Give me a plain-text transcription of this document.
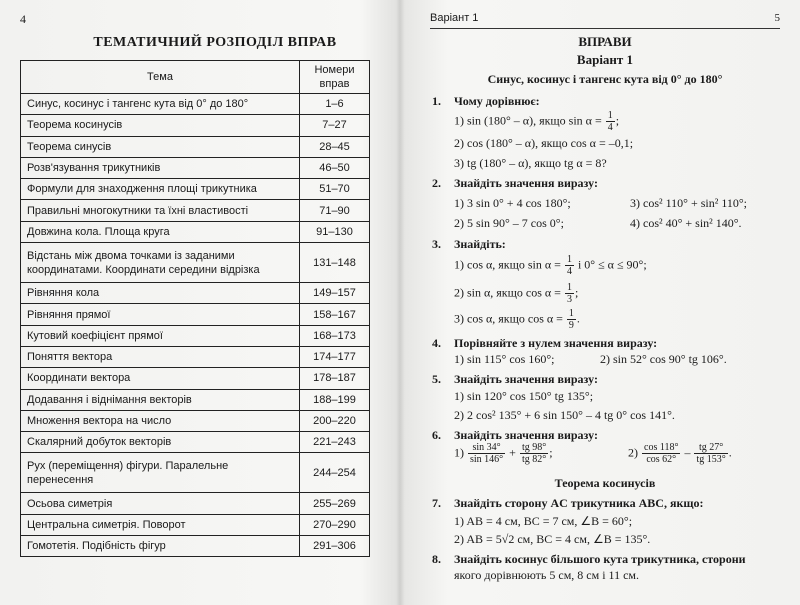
4
ТЕМАТИЧНИЙ РОЗПОДІЛ ВПРАВ
Тема	Номери
вправ

Синус, косинус і тангенс кута від 0° до 180°	1–6
Теорема косинусів	7–27
Теорема синусів	28–45
Розв'язування трикутників	46–50
Формули для знаходження площі трикутника	51–70
Правильні многокутники та їхні властивості	71–90
Довжина кола. Площа круга	91–130
Відстань між двома точками із заданими координатами. Координати середини відрізка	131–148
Рівняння кола	149–157
Рівняння прямої	158–167
Кутовий коефіцієнт прямої	168–173
Поняття вектора	174–177
Координати вектора	178–187
Додавання і віднімання векторів	188–199
Множення вектора на число	200–220
Скалярний добуток векторів	221–243
Рух (переміщення) фігури. Паралельне перенесення	244–254
Осьова симетрія	255–269
Центральна симетрія. Поворот	270–290
Гомотетія. Подібність фігур	291–306
Варіант 1	5
ВПРАВИ
Варіант 1
Синус, косинус і тангенс кута від 0° до 180°
1. Чому дорівнює:
1) sin (180° – α), якщо $\sin \alpha = \frac{1}{4}$ ;
2) cos (180° – α), якщо cos α = –0,1;
3) tg (180° – α), якщо tg α = 8?
2. Знайдіть значення виразу:
1) 3 sin 0° + 4 cos 180°;	3) cos² 110° + sin² 110°;
2) 5 sin 90° – 7 cos 0°;	4) cos² 40° + sin² 140°.
3. Знайдіть:
1) cos α, якщо $\sin \alpha = \frac{1}{4}$ і 0° ≤ α ≤ 90°;
2) sin α, якщо $\cos \alpha = \frac{1}{3}$ ;
3) cos α, якщо $\cos \alpha = \frac{1}{9}$ .
4. Порівняйте з нулем значення виразу:
1) sin 115° cos 160°;	2) sin 52° cos 90° tg 106°.
5. Знайдіть значення виразу:
1) sin 120° cos 150° tg 135°;
2) 2 cos² 135° + 6 sin 150° – 4 tg 0° cos 141°.
6. Знайдіть значення виразу:
$1) \frac{\sin 34^\circ}{\sin 146^\circ} + \frac{tg 98^\circ}{tg 82^\circ}$ ;	$2) \frac{\cos 118^\circ}{\cos 62^\circ} - \frac{tg 27^\circ}{tg 153^\circ}$ .
Теорема косинусів
7. Знайдіть сторону AC трикутника ABC, якщо:
1) AB = 4 см, BC = 7 см, ∠B = 60°;
2) AB = 5√2 см, BC = 4 см, ∠B = 135°.
8. Знайдіть косинус більшого кута трикутника, сторони
якого дорівнюють 5 см, 8 см і 11 см.
